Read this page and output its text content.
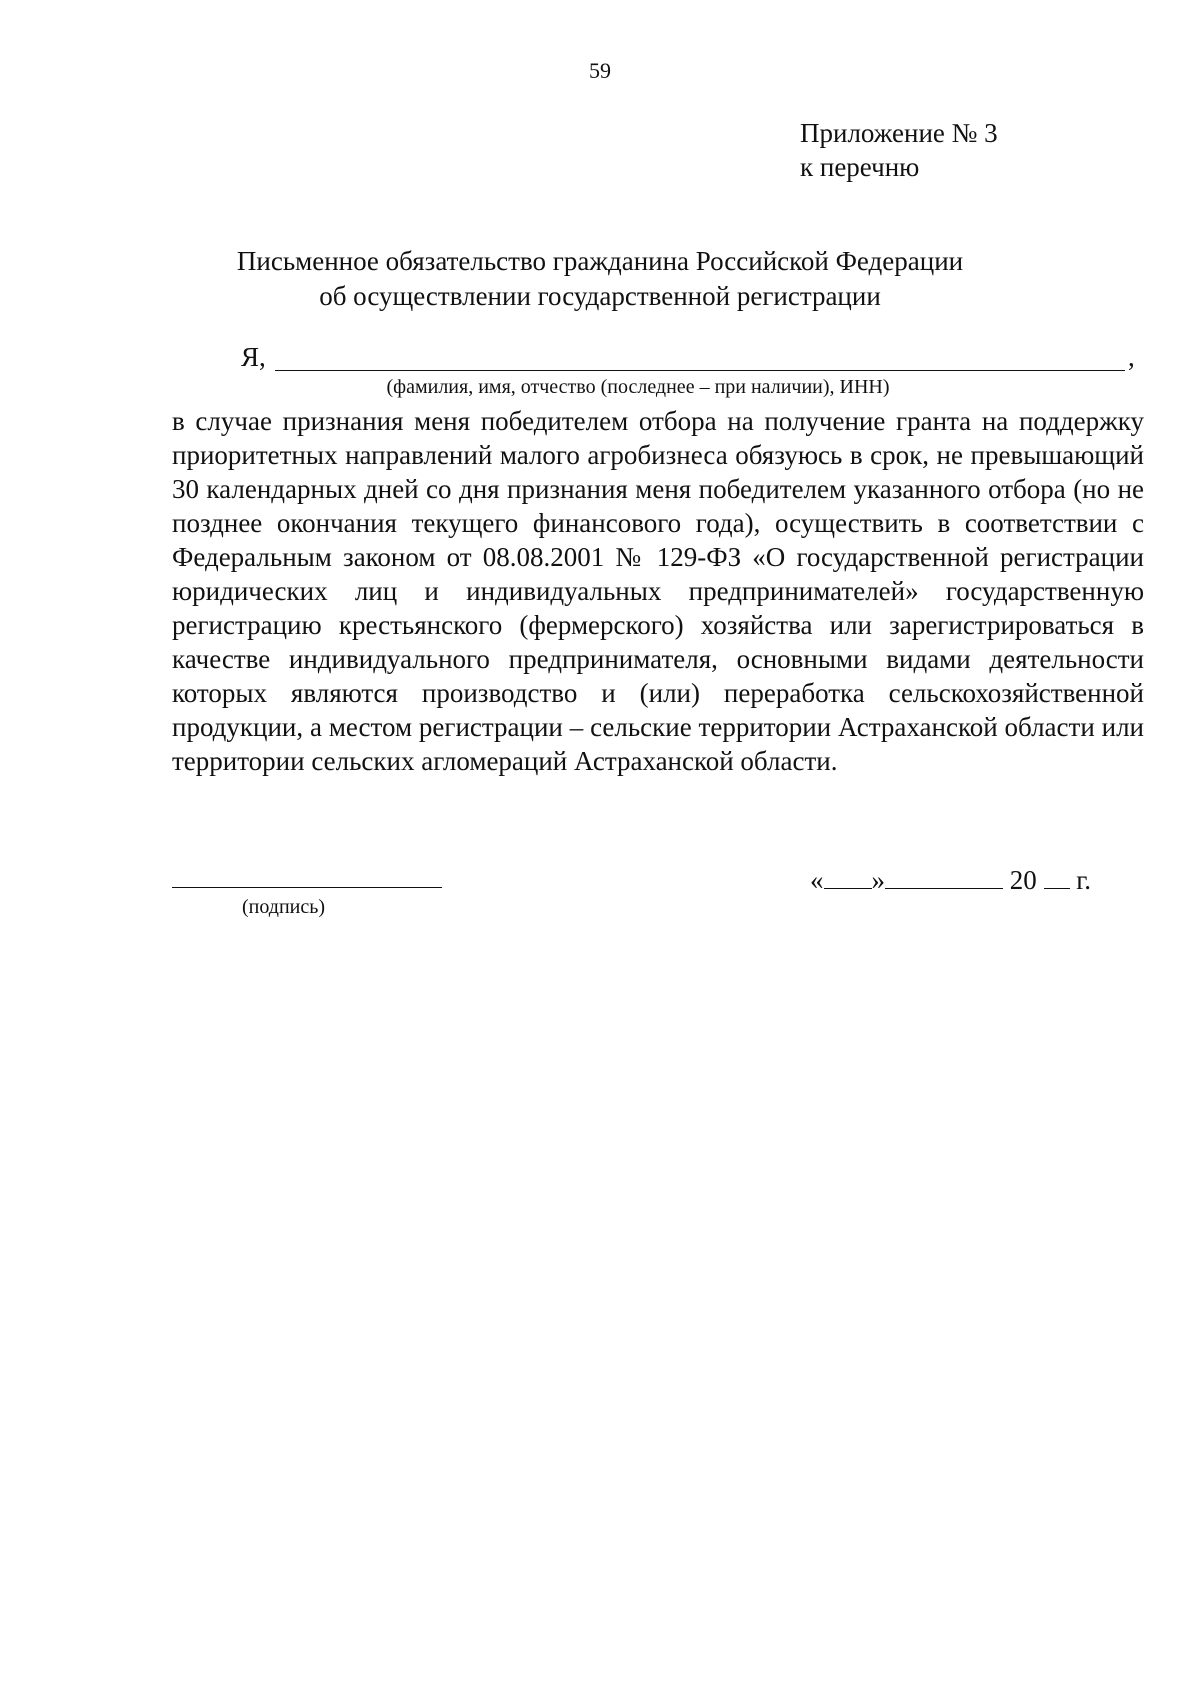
59
Приложение № 3
к перечню
Письменное обязательство гражданина Российской Федерации
об осуществлении государственной регистрации
Я,	,
(фамилия, имя, отчество (последнее – при наличии), ИНН)

в случае признания меня победителем отбора на получение гранта на поддержку приоритетных направлений малого агробизнеса обязуюсь в срок, не превышающий 30 календарных дней со дня признания меня победителем указанного отбора (но не позднее окончания текущего финансового года), осуществить в соответствии с Федеральным законом от 08.08.2001 № 129-ФЗ «О государственной регистрации юридических лиц и индивидуальных предпринимателей» государственную регистрацию крестьянского (фермерского) хозяйства или зарегистрироваться в качестве индивидуального предпринимателя, основными видами деятельности которых являются производство и (или) переработка сельскохозяйственной продукции, а местом регистрации – сельские территории Астраханской области или территории сельских агломераций Астраханской области.

(подпись)
« »	20 г.
